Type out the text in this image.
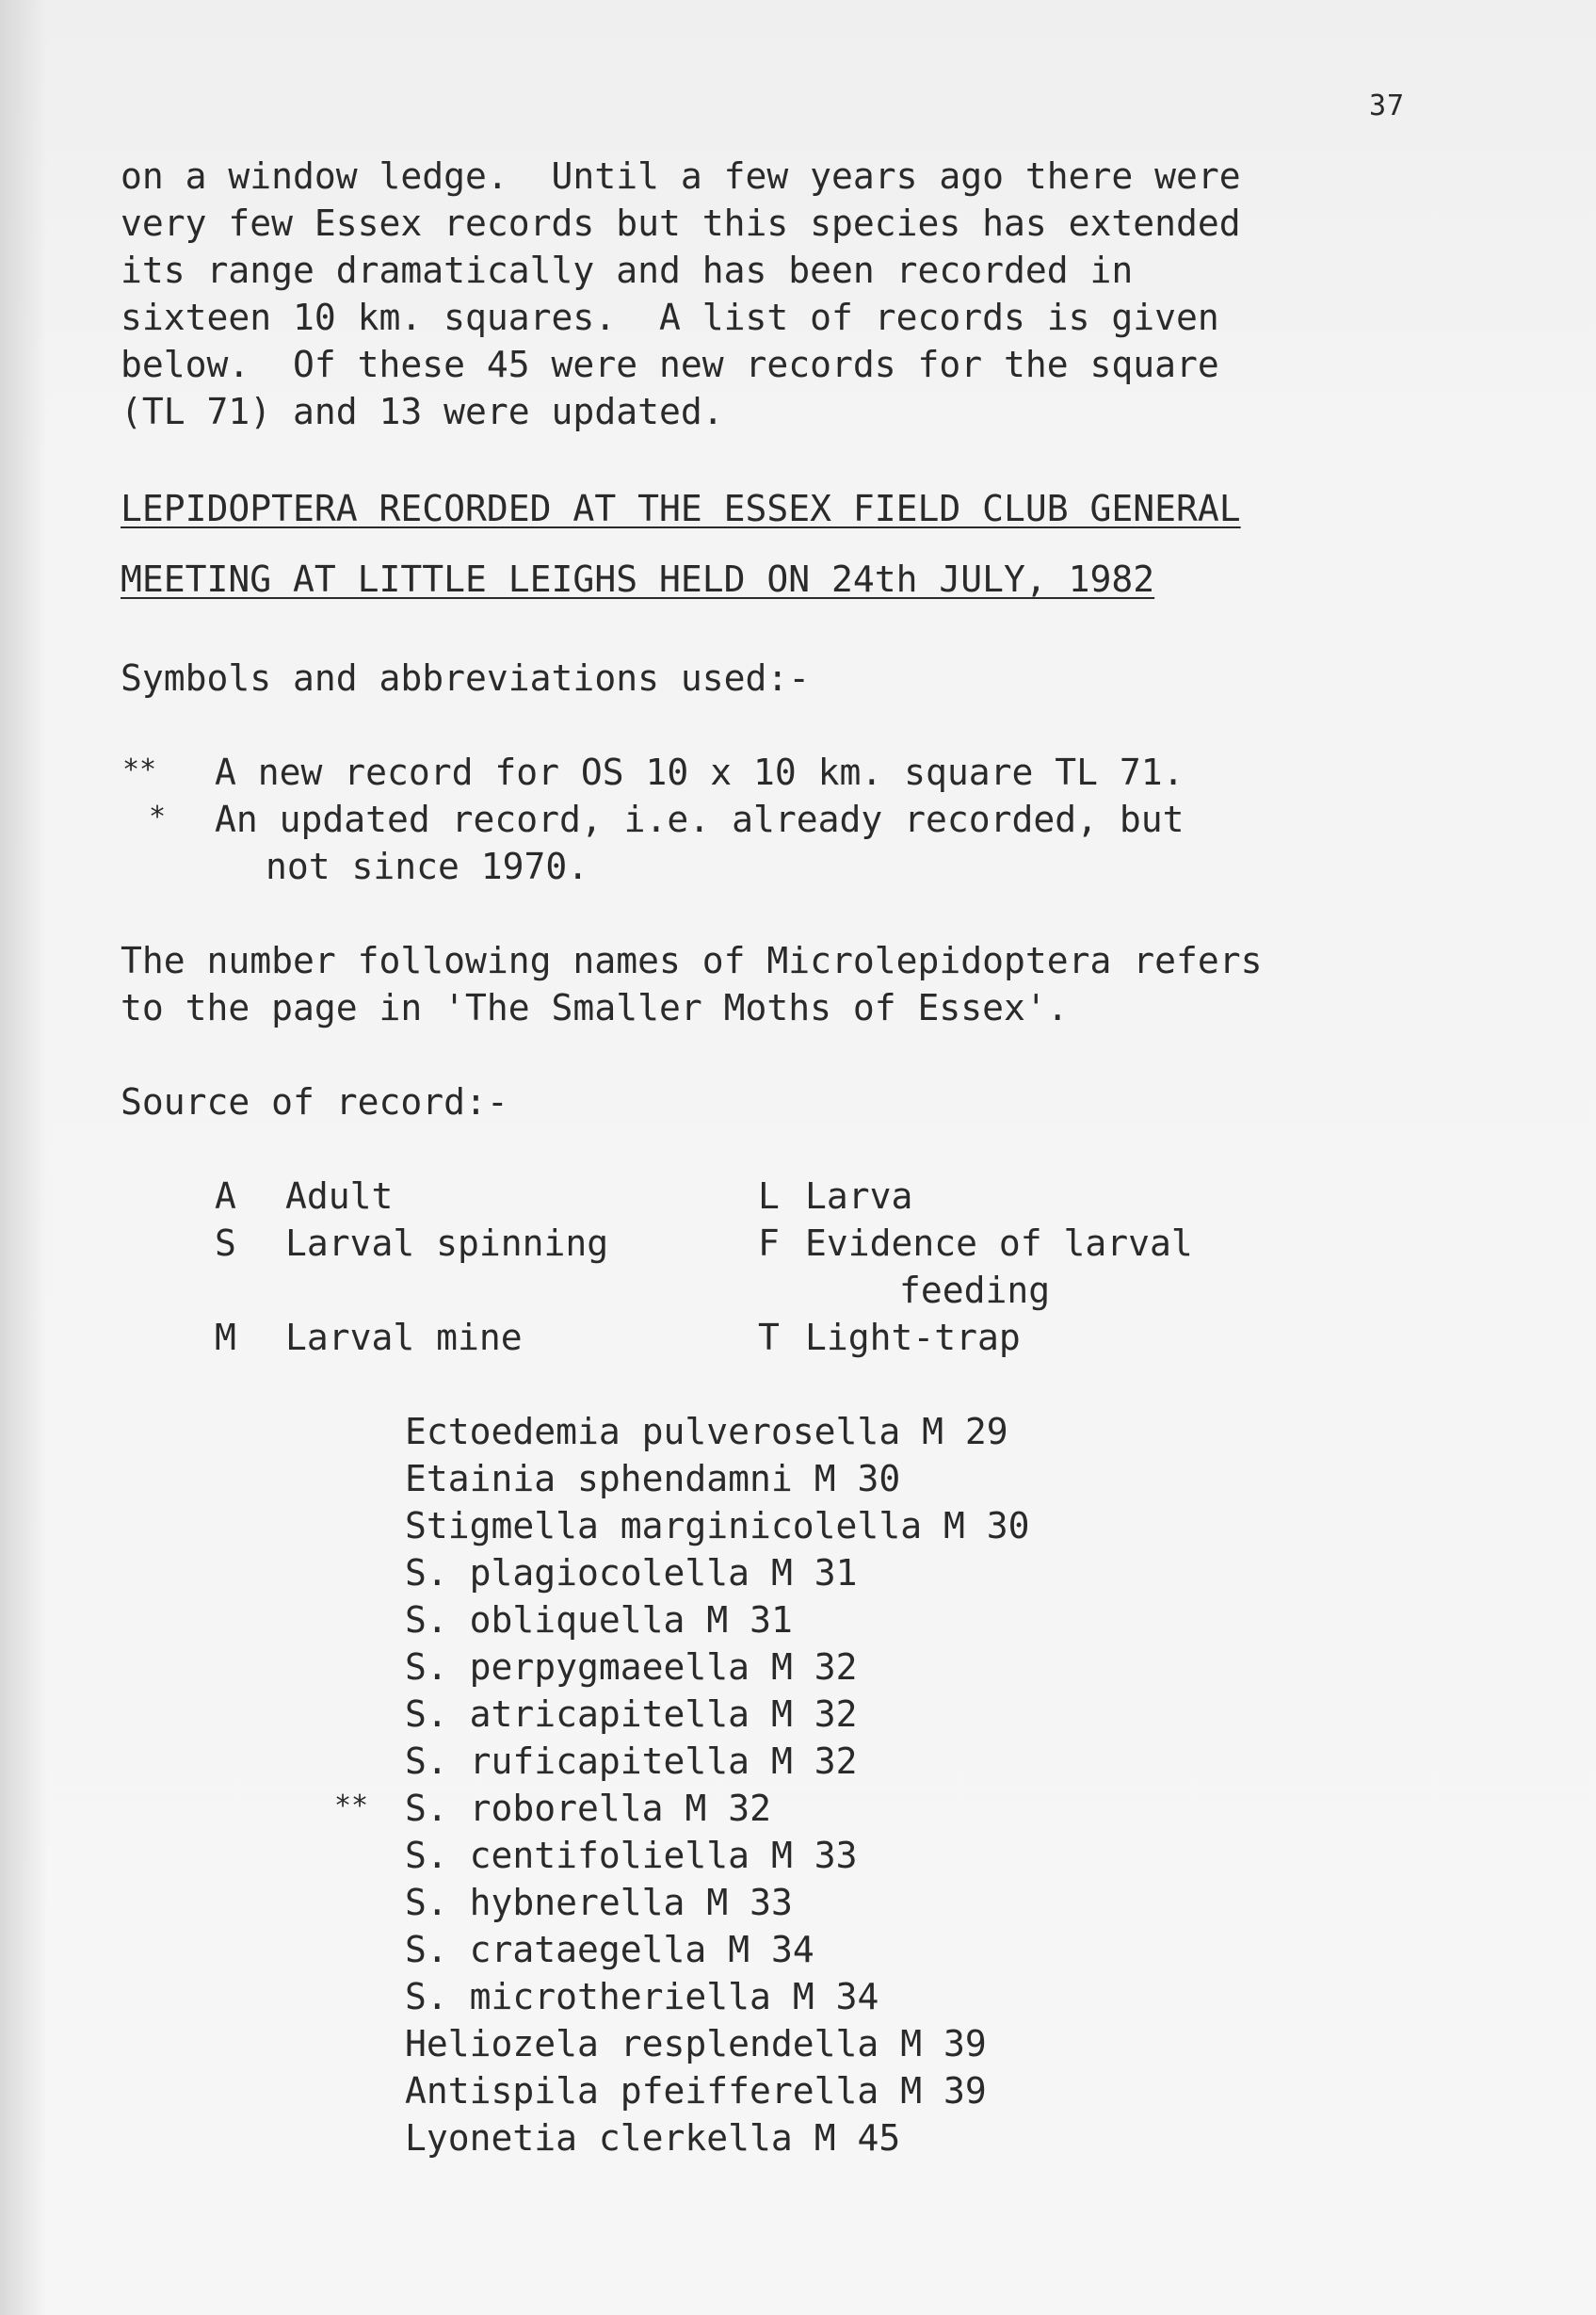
37
on a window ledge.  Until a few years ago there were
very few Essex records but this species has extended
its range dramatically and has been recorded in
sixteen 10 km. squares.  A list of records is given
below.  Of these 45 were new records for the square
(TL 71) and 13 were updated.
LEPIDOPTERA RECORDED AT THE ESSEX FIELD CLUB GENERAL
MEETING AT LITTLE LEIGHS HELD ON 24th JULY, 1982
Symbols and abbreviations used:-
** A new record for OS 10 x 10 km. square TL 71.
* An updated record, i.e. already recorded, but
not since 1970.
The number following names of Microlepidoptera refers
to the page in 'The Smaller Moths of Essex'.
Source of record:-
A Adult	L Larva
S Larval spinning	F Evidence of larval
feeding
M Larval mine	T Light-trap
Ectoedemia pulverosella M 29
Etainia sphendamni M 30
Stigmella marginicolella M 30
S. plagiocolella M 31
S. obliquella M 31
S. perpygmaeella M 32
S. atricapitella M 32
S. ruficapitella M 32
** S. roborella M 32
S. centifoliella M 33
S. hybnerella M 33
S. crataegella M 34
S. microtheriella M 34
Heliozela resplendella M 39
Antispila pfeifferella M 39
Lyonetia clerkella M 45
